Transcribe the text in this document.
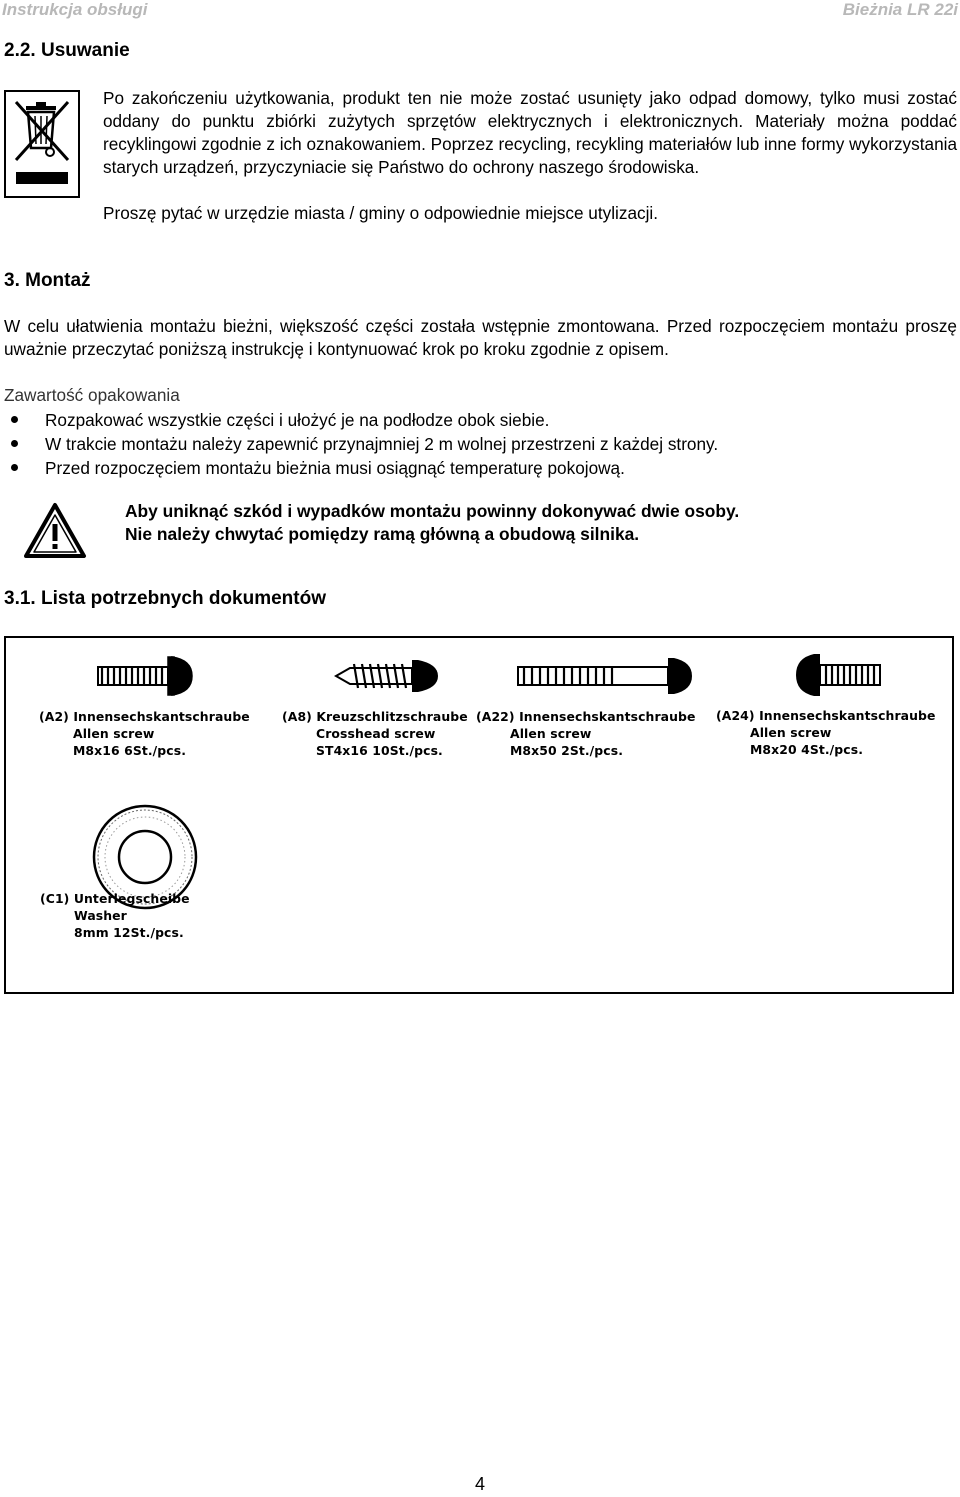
Instrukcja obsługi	Bieżnia LR 22i
2.2. Usuwanie
Po zakończeniu użytkowania, produkt ten nie może zostać usunięty jako odpad domowy, tylko musi zostać oddany do punktu zbiórki zużytych sprzętów elektrycznych i elektronicznych. Materiały można poddać recyklingowi zgodnie z ich oznakowaniem. Poprzez recycling, recykling materiałów lub inne formy wykorzystania starych urządzeń, przyczyniacie się Państwo do ochrony naszego środowiska.
Proszę pytać w urzędzie miasta / gminy o odpowiednie miejsce utylizacji.
3. Montaż
W celu ułatwienia montażu bieżni, większość części została wstępnie zmontowana. Przed rozpoczęciem montażu proszę uważnie przeczytać poniższą instrukcję i kontynuować krok po kroku zgodnie z opisem.
Zawartość opakowania
Rozpakować wszystkie części i ułożyć je na podłodze obok siebie.
W trakcie montażu należy zapewnić przynajmniej 2 m wolnej przestrzeni z każdej strony.
Przed rozpoczęciem montażu bieżnia musi osiągnąć temperaturę pokojową.
Aby uniknąć szkód i wypadków montażu powinny dokonywać dwie osoby.
Nie należy chwytać pomiędzy ramą główną a obudową silnika.
3.1. Lista potrzebnych dokumentów
(A2) Innensechskantschraube
Allen screw
M8x16 6St./pcs.
(A8) Kreuzschlitzschraube
Crosshead screw
ST4x16 10St./pcs.
(A22) Innensechskantschraube
Allen screw
M8x50 2St./pcs.
(A24) Innensechskantschraube
Allen screw
M8x20 4St./pcs.
(C1) Unterlegscheibe
Washer
8mm 12St./pcs.
4
